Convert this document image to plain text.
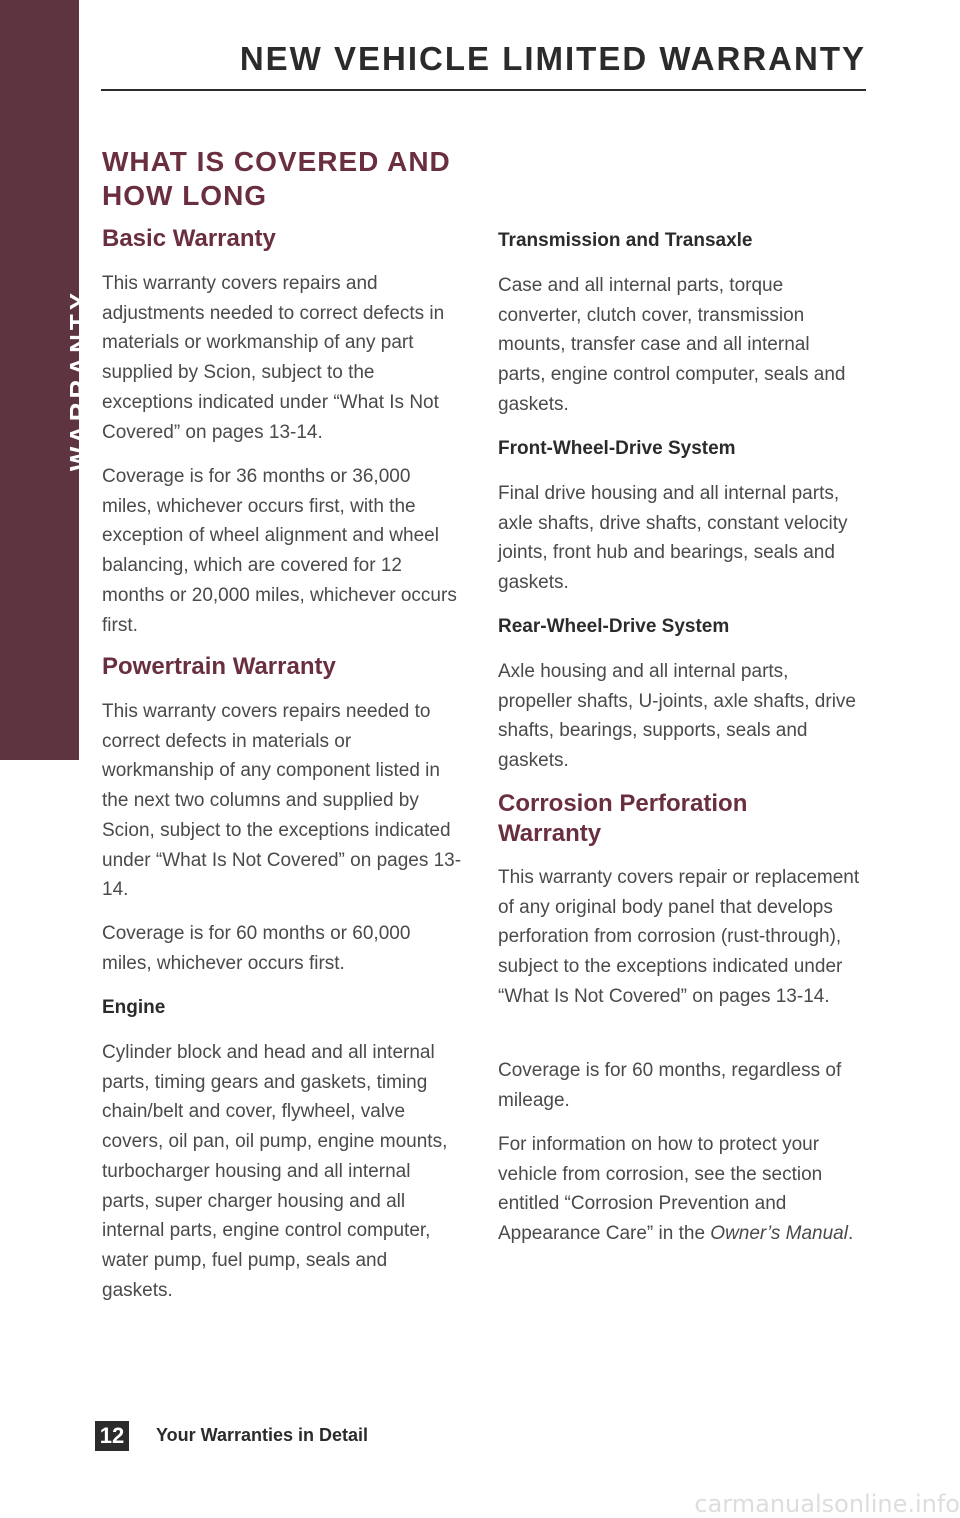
WARRANTY
NEW VEHICLE LIMITED WARRANTY
WHAT IS COVERED AND
HOW LONG
Basic Warranty

This warranty covers repairs and adjustments needed to correct defects in materials or workmanship of any part supplied by Scion, subject to the exceptions indicated under “What Is Not Covered” on pages 13-14.

Coverage is for 36 months or 36,000 miles, whichever occurs first, with the exception of wheel alignment and wheel balancing, which are covered for 12 months or 20,000 miles, whichever occurs first.

Powertrain Warranty

This warranty covers repairs needed to correct defects in materials or workmanship of any component listed in the next two columns and supplied by Scion, subject to the exceptions indicated under “What Is Not Covered” on pages 13-14.

Coverage is for 60 months or 60,000 miles, whichever occurs first.

Engine

Cylinder block and head and all internal parts, timing gears and gaskets, timing chain/belt and cover, flywheel, valve covers, oil pan, oil pump, engine mounts, turbocharger housing and all internal parts, super charger housing and all internal parts, engine control computer, water pump, fuel pump, seals and gaskets.

Transmission and Transaxle

Case and all internal parts, torque converter, clutch cover, transmission mounts, transfer case and all internal parts, engine control computer, seals and gaskets.

Front-Wheel-Drive System

Final drive housing and all internal parts, axle shafts, drive shafts, constant velocity joints, front hub and bearings, seals and gaskets.

Rear-Wheel-Drive System

Axle housing and all internal parts, propeller shafts, U-joints, axle shafts, drive shafts, bearings, supports, seals and gaskets.

Corrosion Perforation
Warranty

This warranty covers repair or replacement of any original body panel that develops perforation from corrosion (rust-through), subject to the exceptions indicated under “What Is Not Covered” on pages 13-14.

Coverage is for 60 months, regardless of mileage.

For information on how to protect your vehicle from corrosion, see the section entitled “Corrosion Prevention and Appearance Care” in the Owner’s Manual.

12 Your Warranties in Detail
carmanualsonline.info
